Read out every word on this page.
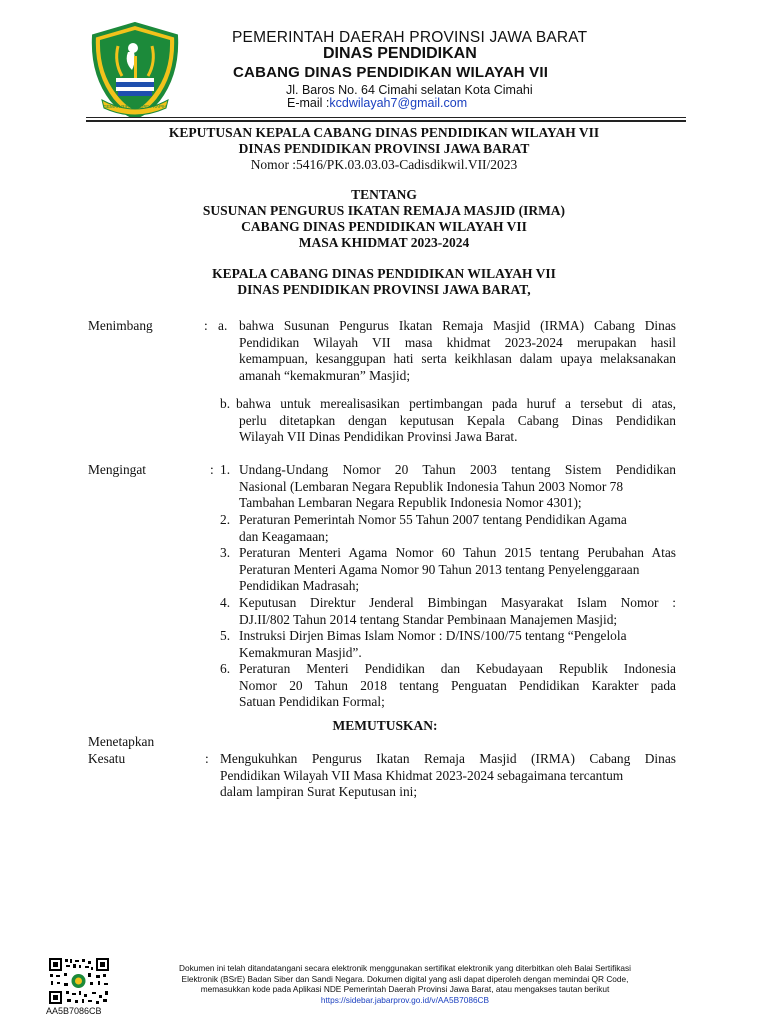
GEMAH RIPAH REPEH RAPIH
PEMERINTAH DAERAH PROVINSI JAWA BARAT
DINAS PENDIDIKAN
CABANG DINAS PENDIDIKAN WILAYAH VII
Jl. Baros No. 64 Cimahi selatan Kota Cimahi
E-mail :kcdwilayah7@gmail.com
KEPUTUSAN KEPALA CABANG DINAS PENDIDIKAN WILAYAH VII
DINAS PENDIDIKAN PROVINSI JAWA BARAT
Nomor :5416/PK.03.03.03-Cadisdikwil.VII/2023
TENTANG
SUSUNAN PENGURUS IKATAN REMAJA MASJID (IRMA)
CABANG DINAS PENDIDIKAN WILAYAH VII
MASA KHIDMAT 2023-2024
KEPALA CABANG DINAS PENDIDIKAN WILAYAH VII
DINAS PENDIDIKAN PROVINSI JAWA BARAT,
Menimbang	: a. bahwa Susunan Pengurus Ikatan Remaja Masjid (IRMA) Cabang Dinas
Pendidikan Wilayah VII masa khidmat 2023-2024 merupakan hasil
kemampuan, kesanggupan hati serta keikhlasan dalam upaya melaksanakan
amanah “kemakmuran” Masjid;
b. bahwa untuk merealisasikan pertimbangan pada huruf a tersebut di atas,
perlu ditetapkan dengan keputusan Kepala Cabang Dinas Pendidikan
Wilayah VII Dinas Pendidikan Provinsi Jawa Barat.
Mengingat	: 1. Undang-Undang Nomor 20 Tahun 2003 tentang Sistem Pendidikan
Nasional (Lembaran Negara Republik Indonesia Tahun 2003 Nomor 78
Tambahan Lembaran Negara Republik Indonesia Nomor 4301);
2. Peraturan Pemerintah Nomor 55 Tahun 2007 tentang Pendidikan Agama
dan Keagamaan;
3. Peraturan Menteri Agama Nomor 60 Tahun 2015 tentang Perubahan Atas
Peraturan Menteri Agama Nomor 90 Tahun 2013 tentang Penyelenggaraan
Pendidikan Madrasah;
4. Keputusan Direktur Jenderal Bimbingan Masyarakat Islam Nomor :
DJ.II/802 Tahun 2014 tentang Standar Pembinaan Manajemen Masjid;
5. Instruksi Dirjen Bimas Islam Nomor : D/INS/100/75 tentang “Pengelola
Kemakmuran Masjid”.
6. Peraturan Menteri Pendidikan dan Kebudayaan Republik Indonesia
Nomor 20 Tahun 2018 tentang Penguatan Pendidikan Karakter pada
Satuan Pendidikan Formal;
MEMUTUSKAN:
Menetapkan
Kesatu	: Mengukuhkan Pengurus Ikatan Remaja Masjid (IRMA) Cabang Dinas
Pendidikan Wilayah VII Masa Khidmat 2023-2024 sebagaimana tercantum
dalam lampiran Surat Keputusan ini;
AA5B7086CB
Dokumen ini telah ditandatangani secara elektronik menggunakan sertifikat elektronik yang diterbitkan oleh Balai Sertifikasi
Elektronik (BSrE) Badan Siber dan Sandi Negara. Dokumen digital yang asli dapat diperoleh dengan memindai QR Code,
memasukkan kode pada Aplikasi NDE Pemerintah Daerah Provinsi Jawa Barat, atau mengakses tautan berikut
https://sidebar.jabarprov.go.id/v/AA5B7086CB
